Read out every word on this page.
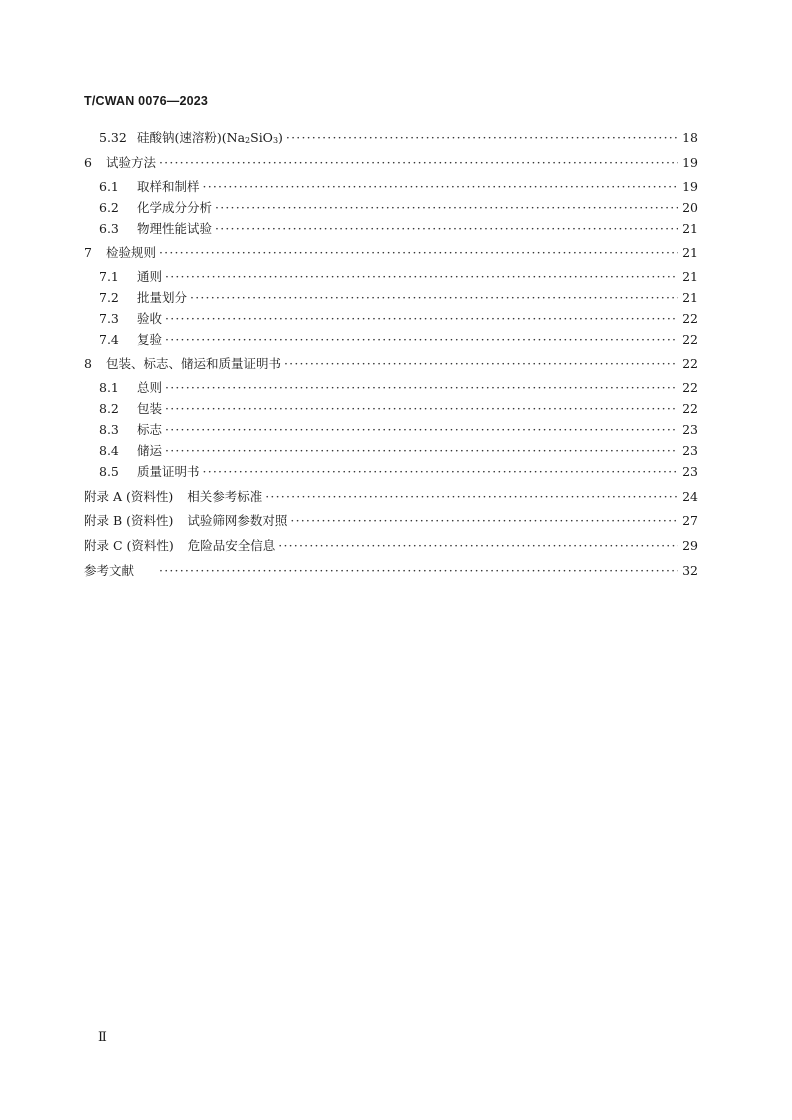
T/CWAN 0076—2023
5.32 硅酸钠(速溶粉)$(Na_2SiO_3)$ ·····	18
6 试验方法 ·····	19
6.1	取样和制样 ·····	19
6.2	化学成分分析 ·····	20
6.3	物理性能试验 ·····	21
7 检验规则 ·····	21
7.1	通则 ·····	21
7.2	批量划分 ·····	21
7.3	验收 ·····	22
7.4	复验 ·····	22
8 包装、标志、储运和质量证明书 ·····	22
8.1	总则 ·····	22
8.2	包装 ·····	22
8.3	标志 ·····	23
8.4	储运 ·····	23
8.5	质量证明书 ·····	23
附录 A (资料性) 相关参考标准 ·····	24
附录 B (资料性) 试验筛网参数对照 ·····	27
附录 C (资料性) 危险品安全信息 ·····	29
参考文献 ·····	32
Ⅱ
